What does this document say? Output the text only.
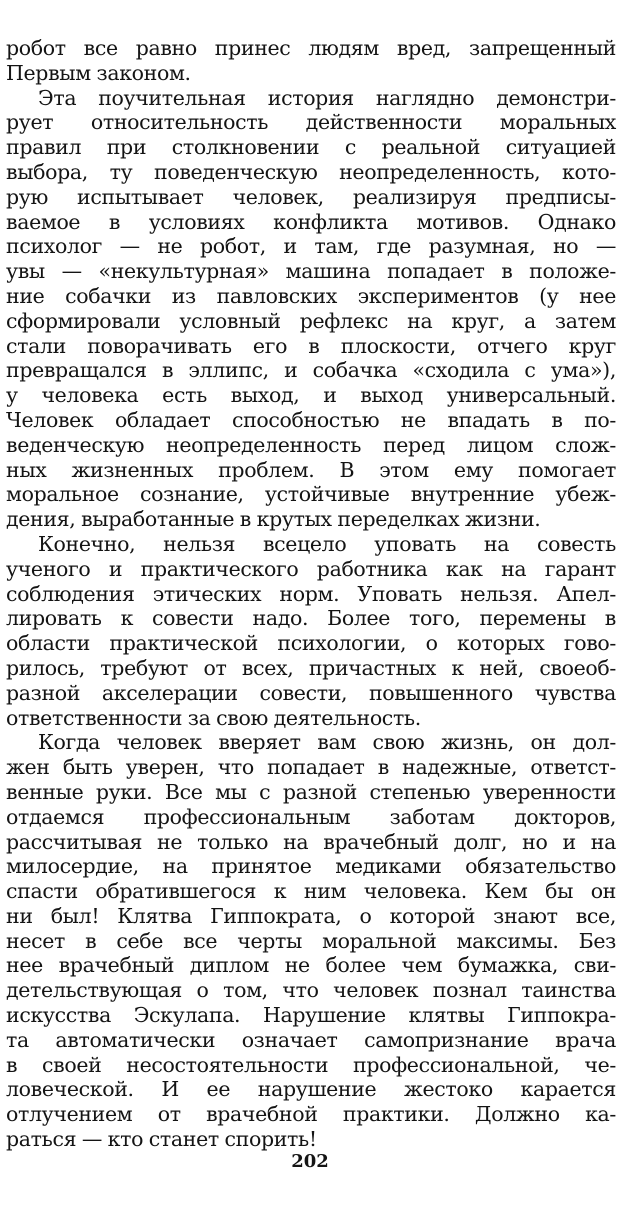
робот все равно принес людям вред, запрещенный
Первым законом.
Эта поучительная история наглядно демонстри-
рует относительность действенности моральных
правил при столкновении с реальной ситуацией
выбора, ту поведенческую неопределенность, кото-
рую испытывает человек, реализируя предписы-
ваемое в условиях конфликта мотивов. Однако
психолог — не робот, и там, где разумная, но —
увы — «некультурная» машина попадает в положе-
ние собачки из павловских экспериментов (у нее
сформировали условный рефлекс на круг, а затем
стали поворачивать его в плоскости, отчего круг
превращался в эллипс, и собачка «сходила с ума»),
у человека есть выход, и выход универсальный.
Человек обладает способностью не впадать в по-
веденческую неопределенность перед лицом слож-
ных жизненных проблем. В этом ему помогает
моральное сознание, устойчивые внутренние убеж-
дения, выработанные в крутых переделках жизни.
Конечно, нельзя всецело уповать на совесть
ученого и практического работника как на гарант
соблюдения этических норм. Уповать нельзя. Апел-
лировать к совести надо. Более того, перемены в
области практической психологии, о которых гово-
рилось, требуют от всех, причастных к ней, своеоб-
разной акселерации совести, повышенного чувства
ответственности за свою деятельность.
Когда человек вверяет вам свою жизнь, он дол-
жен быть уверен, что попадает в надежные, ответст-
венные руки. Все мы с разной степенью уверенности
отдаемся профессиональным заботам докторов,
рассчитывая не только на врачебный долг, но и на
милосердие, на принятое медиками обязательство
спасти обратившегося к ним человека. Кем бы он
ни был! Клятва Гиппократа, о которой знают все,
несет в себе все черты моральной максимы. Без
нее врачебный диплом не более чем бумажка, сви-
детельствующая о том, что человек познал таинства
искусства Эскулапа. Нарушение клятвы Гиппокра-
та автоматически означает самопризнание врача
в своей несостоятельности профессиональной, че-
ловеческой. И ее нарушение жестоко карается
отлучением от врачебной практики. Должно ка-
раться — кто станет спорить!
202
